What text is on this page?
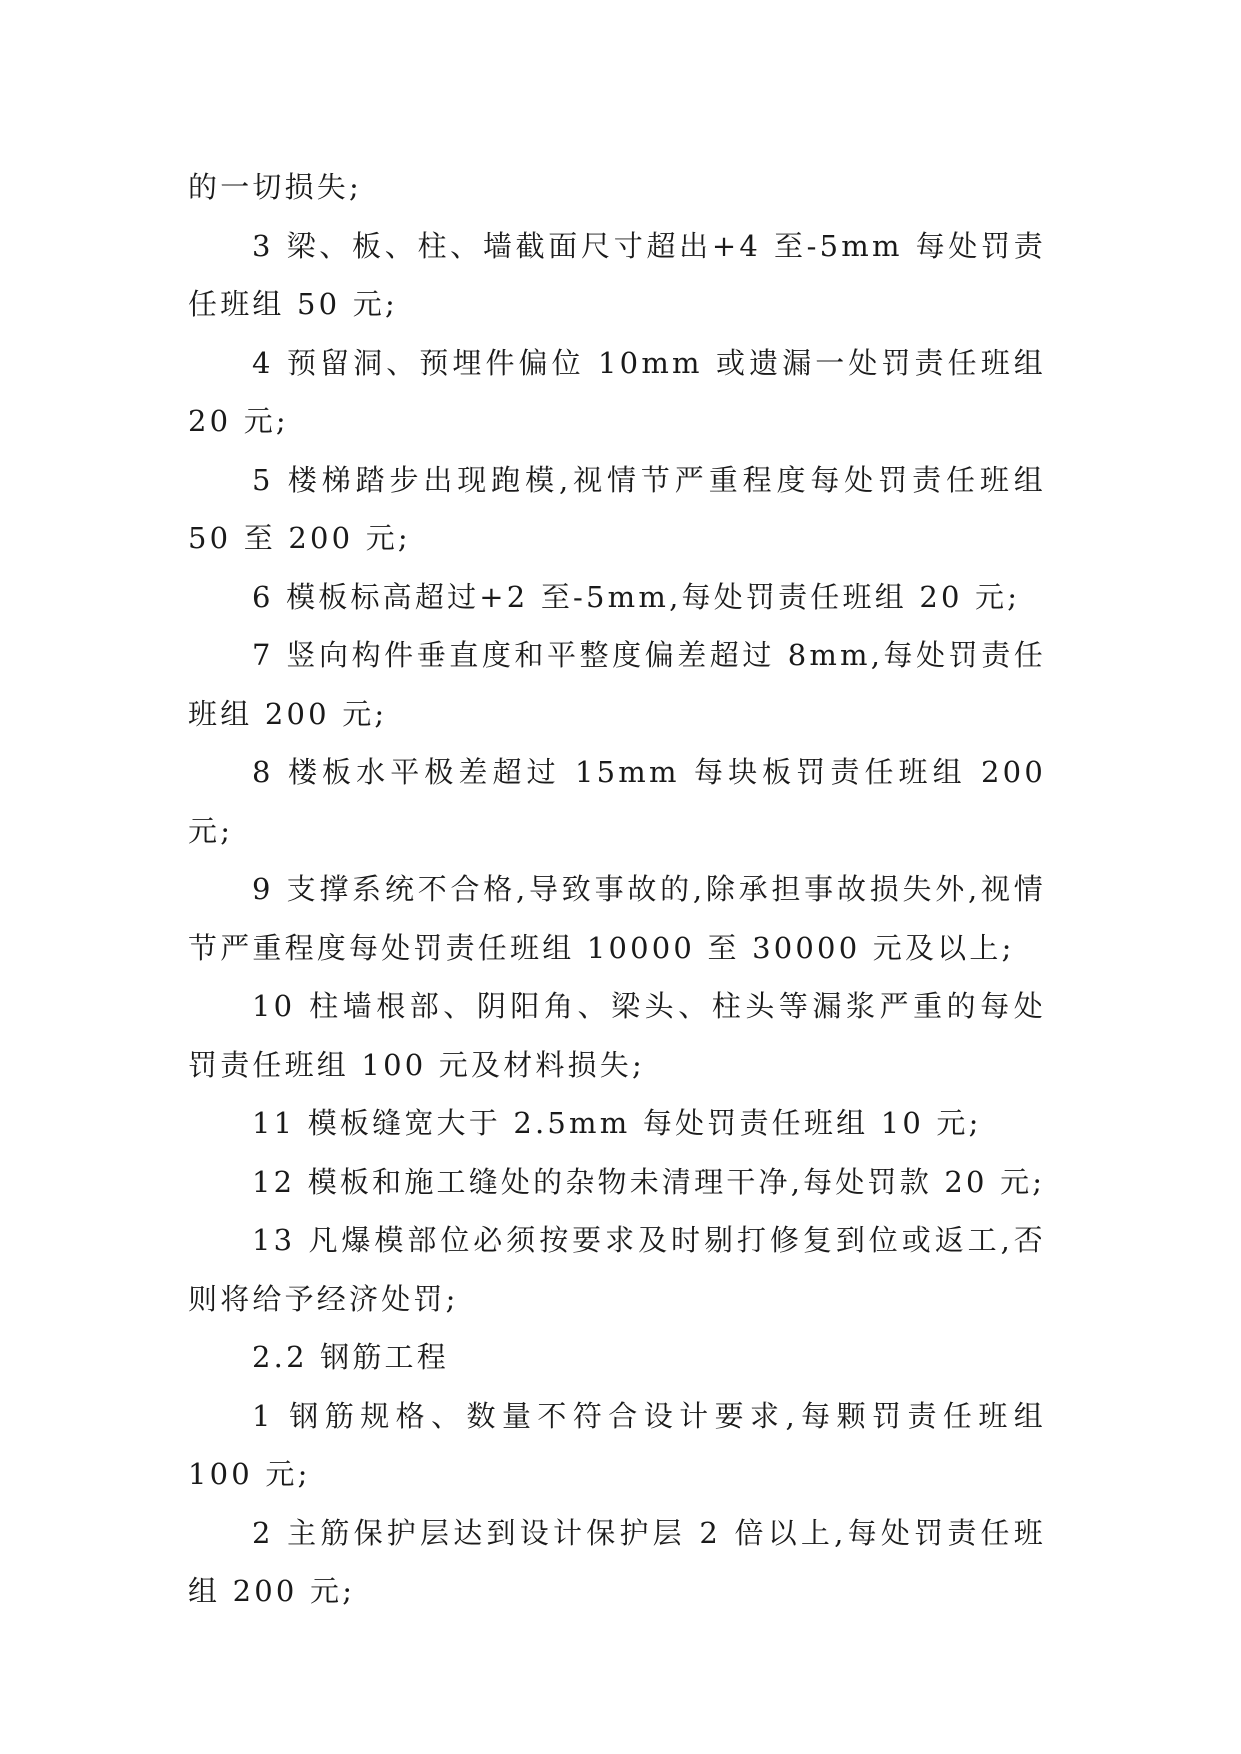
的一切损失;

3 梁、板、柱、墙截面尺寸超出+4 至-5mm 每处罚责任班组 50 元;

4 预留洞、预埋件偏位 10mm 或遗漏一处罚责任班组 20 元;

5 楼梯踏步出现跑模,视情节严重程度每处罚责任班组 50 至 200 元;

6 模板标高超过+2 至-5mm,每处罚责任班组 20 元;

7 竖向构件垂直度和平整度偏差超过 8mm,每处罚责任班组 200 元;

8 楼板水平极差超过 15mm 每块板罚责任班组 200 元;

9 支撑系统不合格,导致事故的,除承担事故损失外,视情节严重程度每处罚责任班组 10000 至 30000 元及以上;

10 柱墙根部、阴阳角、梁头、柱头等漏浆严重的每处罚责任班组 100 元及材料损失;

11 模板缝宽大于 2.5mm 每处罚责任班组 10 元;

12 模板和施工缝处的杂物未清理干净,每处罚款 20 元;

13 凡爆模部位必须按要求及时剔打修复到位或返工,否则将给予经济处罚;

2.2 钢筋工程

1 钢筋规格、数量不符合设计要求,每颗罚责任班组 100 元;

2 主筋保护层达到设计保护层 2 倍以上,每处罚责任班组 200 元;
